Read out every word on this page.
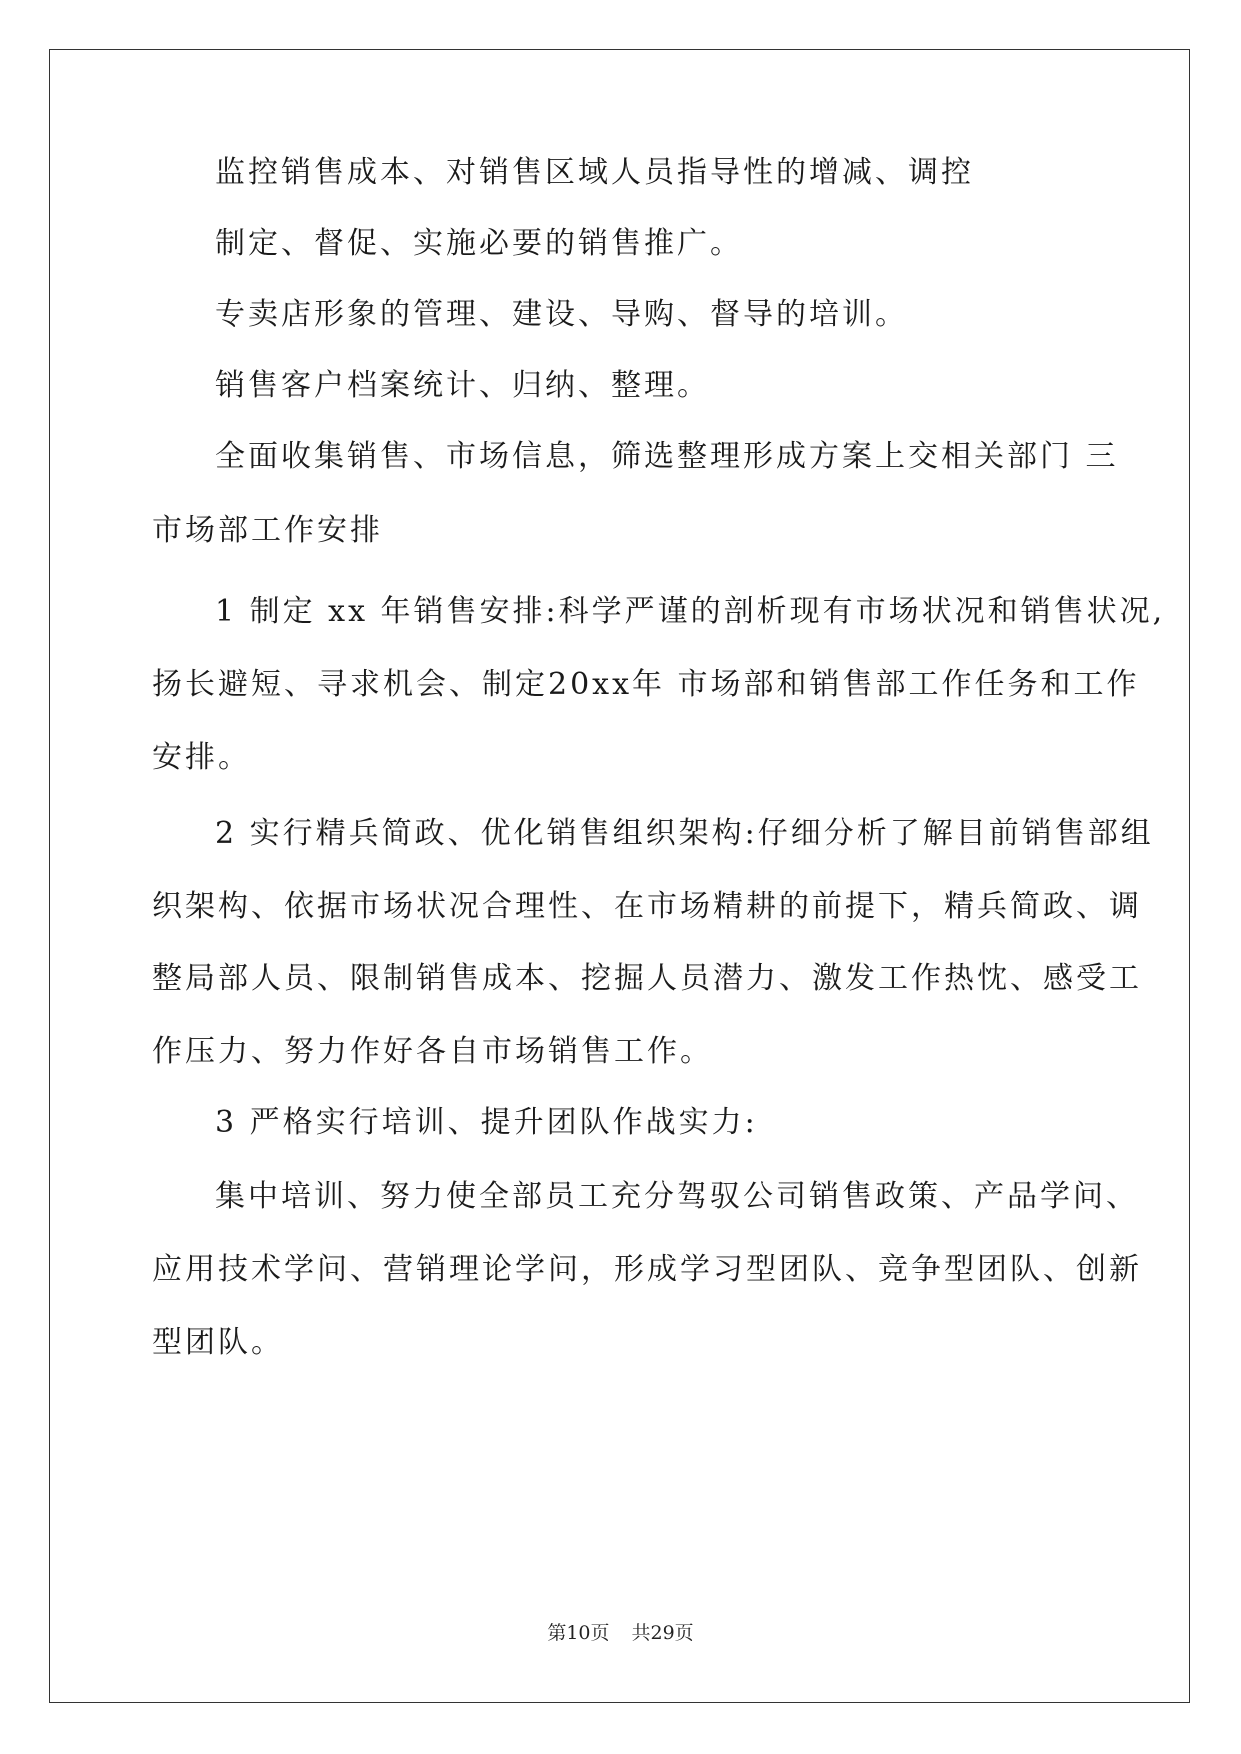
监控销售成本、对销售区域人员指导性的增减、调控
制定、督促、实施必要的销售推广。
专卖店形象的管理、建设、导购、督导的培训。
销售客户档案统计、归纳、整理。
全面收集销售、市场信息，筛选整理形成方案上交相关部门 三
市场部工作安排
1 制定 xx 年销售安排:科学严谨的剖析现有市场状况和销售状况,
扬长避短、寻求机会、制定20xx年 市场部和销售部工作任务和工作
安排。
2 实行精兵简政、优化销售组织架构:仔细分析了解目前销售部组
织架构、依据市场状况合理性、在市场精耕的前提下，精兵简政、调
整局部人员、限制销售成本、挖掘人员潜力、激发工作热忱、感受工
作压力、努力作好各自市场销售工作。
3 严格实行培训、提升团队作战实力:
集中培训、努力使全部员工充分驾驭公司销售政策、产品学问、
应用技术学问、营销理论学问，形成学习型团队、竞争型团队、创新
型团队。
第10页 共29页
